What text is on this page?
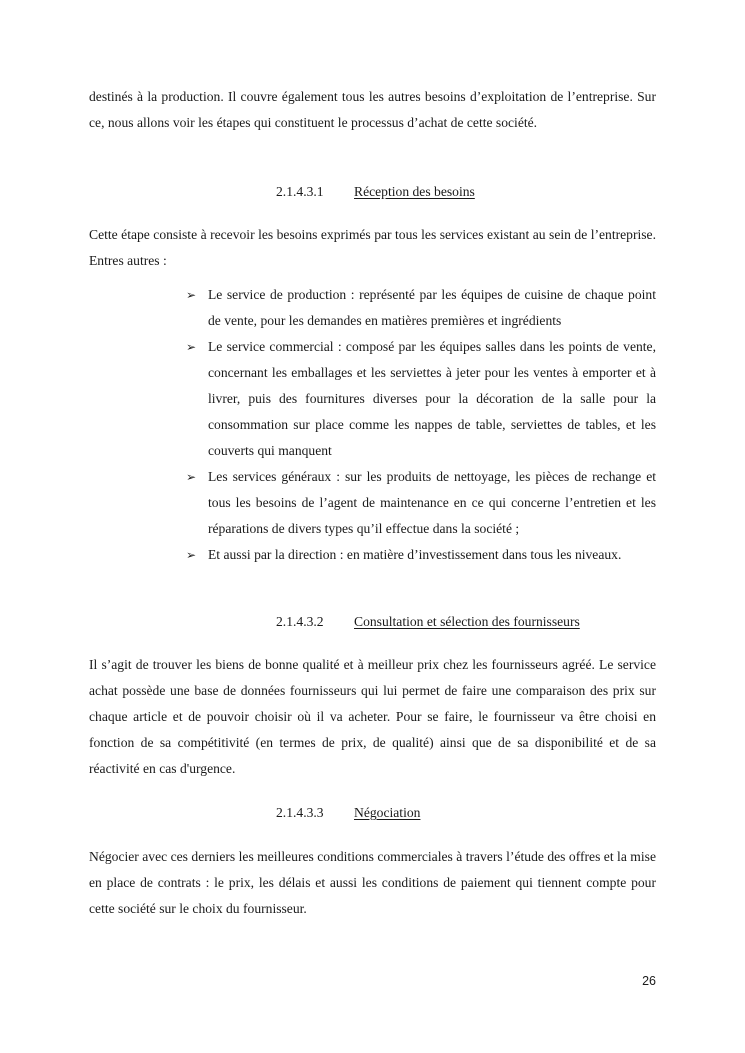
destinés à la production. Il couvre également tous les autres besoins d’exploitation de l’entreprise. Sur ce, nous allons voir les étapes qui constituent le processus d’achat de cette société.

2.1.4.3.1 Réception des besoins

Cette étape consiste à recevoir les besoins exprimés par tous les services existant au sein de l’entreprise. Entres autres :

➢ Le service de production : représenté par les équipes de cuisine de chaque point de vente, pour les demandes en matières premières et ingrédients
➢ Le service commercial : composé par les équipes salles dans les points de vente, concernant les emballages et les serviettes à jeter pour les ventes à emporter et à livrer, puis des fournitures diverses pour la décoration de la salle pour la consommation sur place comme les nappes de table, serviettes de tables, et les couverts qui manquent
➢ Les services généraux : sur les produits de nettoyage, les pièces de rechange et tous les besoins de l’agent de maintenance en ce qui concerne l’entretien et les réparations de divers types qu’il effectue dans la société ;
➢ Et aussi par la direction : en matière d’investissement dans tous les niveaux.
2.1.4.3.2 Consultation et sélection des fournisseurs

Il s’agit de trouver les biens de bonne qualité et à meilleur prix chez les fournisseurs agréé. Le service achat possède une base de données fournisseurs qui lui permet de faire une comparaison des prix sur chaque article et de pouvoir choisir où il va acheter. Pour se faire, le fournisseur va être choisi en fonction de sa compétitivité (en termes de prix, de qualité) ainsi que de sa disponibilité et de sa réactivité en cas d'urgence.

2.1.4.3.3 Négociation

Négocier avec ces derniers les meilleures conditions commerciales à travers l’étude des offres et la mise en place de contrats : le prix, les délais et aussi les conditions de paiement qui tiennent compte pour cette société sur le choix du fournisseur.

26
